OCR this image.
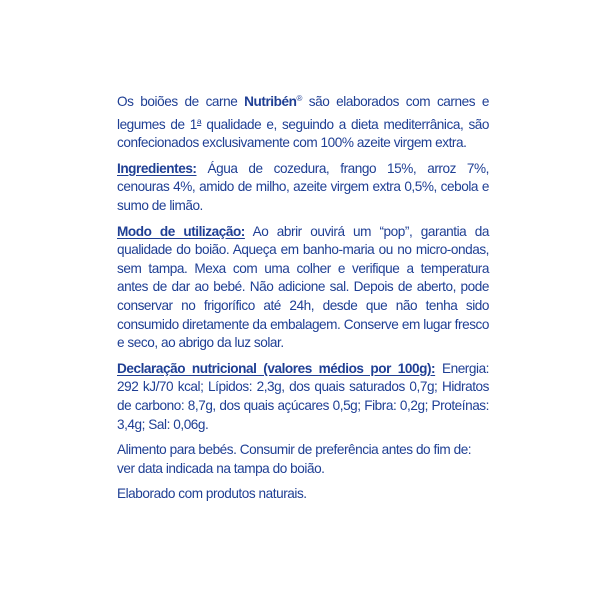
Os boiões de carne Nutribén® são elaborados com carnes e legumes de 1$^a$ qualidade e, seguindo a dieta mediterrânica, são confecionados exclusivamente com 100% azeite virgem extra.

Ingredientes: Água de cozedura, frango 15%, arroz 7%, cenouras 4%, amido de milho, azeite virgem extra 0,5%, cebola e sumo de limão.

Modo de utilização: Ao abrir ouvirá um “pop”, garantia da qualidade do boião. Aqueça em banho-maria ou no micro-ondas, sem tampa. Mexa com uma colher e verifique a temperatura antes de dar ao bebé. Não adicione sal. Depois de aberto, pode conservar no frigorífico até 24h, desde que não tenha sido consumido diretamente da embalagem. Conserve em lugar fresco e seco, ao abrigo da luz solar.

Declaração nutricional (valores médios por 100g): Energia: 292 kJ/70 kcal; Lípidos: 2,3g, dos quais saturados 0,7g; Hidratos de carbono: 8,7g, dos quais açúcares 0,5g; Fibra: 0,2g; Proteínas: 3,4g; Sal: 0,06g.

Alimento para bebés. Consumir de preferência antes do fim de: ver data indicada na tampa do boião.

Elaborado com produtos naturais.
